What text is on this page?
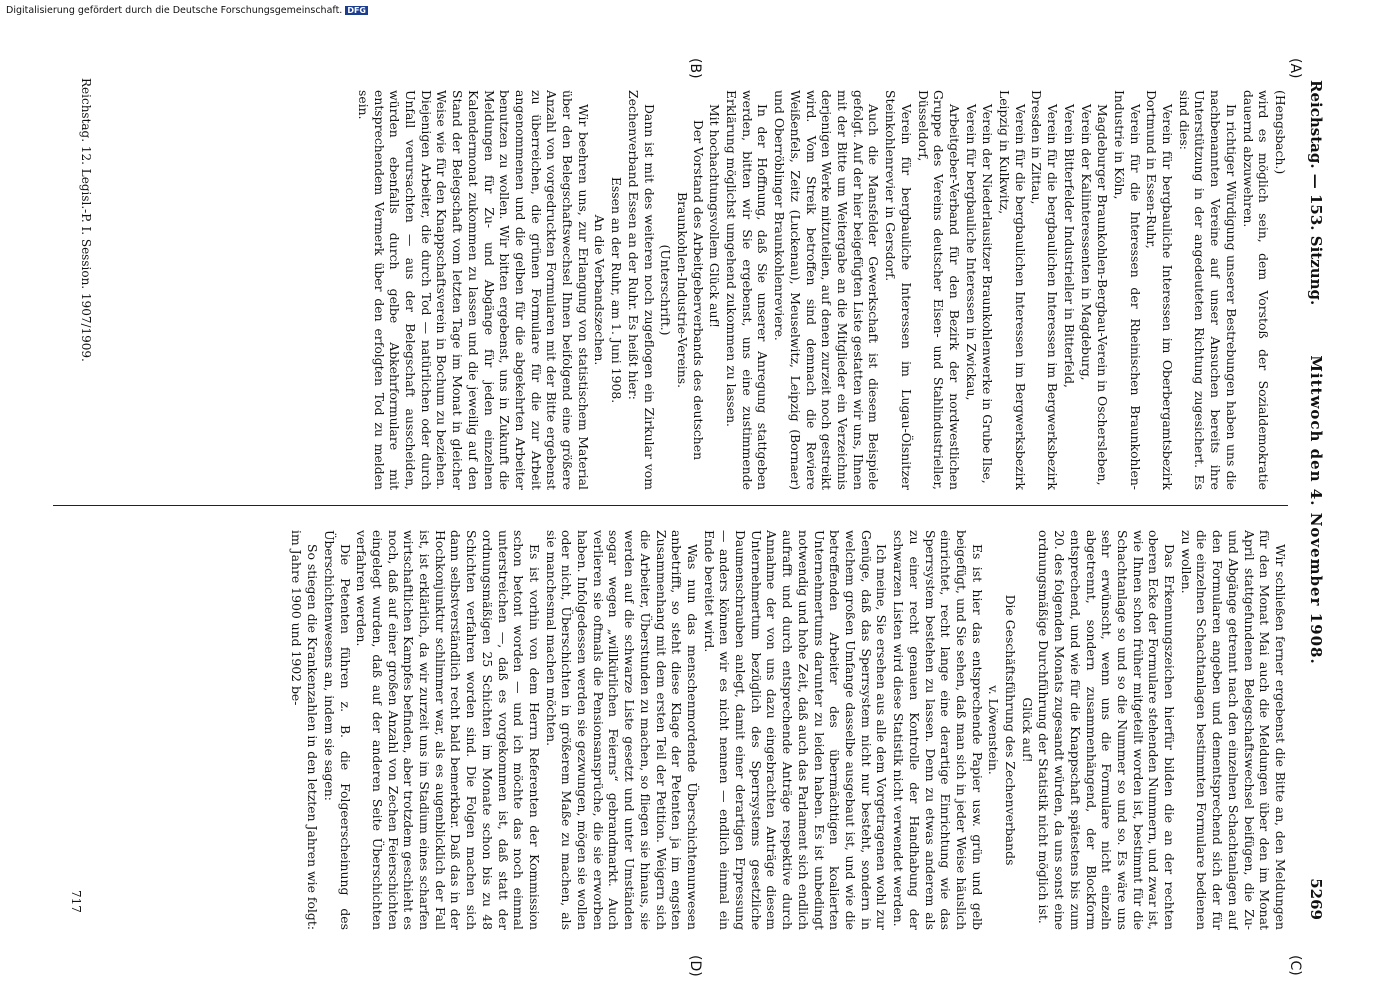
Reichstag. — 153. Sitzung.
Mittwoch den 4. November 1908.
5269
(A)
(B)
(C)
(D)

(Hengsbach.)

wird es möglich sein, dem Vorstoß der Sozialdemokratie dauernd abzuwehren.

In richtiger Würdigung unserer Bestrebungen haben uns die nachbenannten Vereine auf unser Ansuchen bereits ihre Unterstützung in der angedeuteten Richtung zugesichert. Es sind dies:

Verein für bergbauliche Interessen im Oberbergamtsbezirk Dortmund in Essen-Ruhr,

Verein für die Interessen der Rheinischen Braunkohlen-Industrie in Köln,

Magdeburger Braunkohlen-Bergbau-Verein in Oschersleben,

Verein der Kaliinteressenten in Magdeburg,

Verein Bitterfelder Industrieller in Bitterfeld,

Verein für die bergbaulichen Interessen im Bergwerksbezirk Dresden in Zittau,

Verein für die bergbaulichen Interessen im Bergwerksbezirk Leipzig in Kulkwitz,

Verein der Niederlausitzer Braunkohlenwerke in Grube Ilse,

Verein für bergbauliche Interessen in Zwickau,

Arbeitgeber-Verband für den Bezirk der nordwestlichen Gruppe des Vereins deutscher Eisen- und Stahlindustrieller, Düsseldorf,

Verein für bergbauliche Interessen im Lugau-Ölsnitzer Steinkohlenrevier in Gersdorf.

Auch die Mansfelder Gewerkschaft ist diesem Beispiele gefolgt. Auf der hier beigefügten Liste gestatten wir uns, Ihnen mit der Bitte um Weitergabe an die Mitglieder ein Verzeichnis derjenigen Werke mitzuteilen, auf denen zurzeit noch gestreikt wird. Vom Streik betroffen sind demnach die Reviere Weißenfels, Zeitz (Luckenau), Meuselwitz, Leipzig (Bornaer) und Oberröblinger Braunkohlenreviere.

In der Hoffnung, daß Sie unserer Anregung stattgeben werden, bitten wir Sie ergebenst, uns eine zustimmende Erklärung möglichst umgehend zukommen zu lassen.

Mit hochachtungsvollem Glück auf!

Der Vorstand des Arbeitgeberverbands des deutschen Braunkohlen-Industrie-Vereins.

(Unterschrift.)

Dann ist mit des weiteren noch zugeflogen ein Zirkular vom Zechenverband Essen an der Ruhr. Es heißt hier:

Essen an der Ruhr, am 1. Juni 1908.

An die Verbandszechen.

Wir beehren uns, zur Erlangung von statistischem Material über den Belegschaftswechsel Ihnen beifolgend eine größere Anzahl von vorgedruckten Formularen mit der Bitte ergebenst zu überreichen, die grünen Formulare für die zur Arbeit angenommenen und die gelben für die abgekehrten Arbeiter benutzen zu wollen. Wir bitten ergebenst, uns in Zukunft die Meldungen für Zu- und Abgänge für jeden einzelnen Kalendermonat zukommen zu lassen und die jeweilig auf den Stand der Belegschaft vom letzten Tage im Monat in gleicher Weise wie für den Knappschaftsverein in Bochum zu beziehen. Diejenigen Arbeiter, die durch Tod — natürlichen oder durch Unfall verursachten — aus der Belegschaft ausscheiden, würden ebenfalls durch gelbe Abkehrformulare mit entsprechendem Vermerk über den erfolgten Tod zu melden sein.

Wir schließen ferner ergebenst die Bitte an, den Meldungen für den Monat Mai auch die Meldungen über den im Monat April stattgefundenen Belegschaftswechsel beifügen, die Zu- und Abgänge getrennt nach den einzelnen Schachtanlagen auf den Formularen angeben und dementsprechend sich der für die einzelnen Schachtanlagen bestimmten Formulare bedienen zu wollen.

Das Erkennungszeichen hierfür bilden die an der rechten oberen Ecke der Formulare stehenden Nummern, und zwar ist, wie Ihnen schon früher mitgeteilt worden ist, bestimmt für die Schachtanlage so und so die Nummer so und so. Es wäre uns sehr erwünscht, wenn uns die Formulare nicht einzeln abgetrennt, sondern zusammenhängend, der Blockform entsprechend, und wie für die Knappschaft spätestens bis zum 20. des folgenden Monats zugesandt würden, da uns sonst eine ordnungsmäßige Durchführung der Statistik nicht möglich ist.

Glück auf!

Die Geschäftsführung des Zechenverbands

v. Löwenstein.

Es ist hier das entsprechende Papier usw. grün und gelb beigefügt, und Sie sehen, daß man sich in jeder Weise häuslich einrichtet, recht lange eine derartige Einrichtung wie das Sperrsystem bestehen zu lassen. Denn zu etwas anderem als zu einer recht genauen Kontrolle der Handhabung der schwarzen Listen wird diese Statistik nicht verwendet werden.

Ich meine, Sie ersehen aus alle dem Vorgetragenen wohl zur Genüge, daß das Sperrsystem nicht nur besteht, sondern in welchem großen Umfange dasselbe ausgebaut ist, und wie die betreffenden Arbeiter des übermächtigen koalierten Unternehmertums darunter zu leiden haben. Es ist unbedingt notwendig und hohe Zeit, daß auch das Parlament sich endlich aufrafft und durch entsprechende Anträge respektive durch Annahme der von uns dazu eingebrachten Anträge diesem Unternehmertum bezüglich des Sperrsystems gesetzliche Daumenschrauben anlegt, damit einer derartigen Erpressung — anders können wir es nicht nennen — endlich einmal ein Ende bereitet wird.

Was nun das menschenmordende Überschichtenunwesen anbetrifft, so steht diese Klage der Petenten ja im engsten Zusammenhang mit dem ersten Teil der Petition. Weigern sich die Arbeiter, Überstunden zu machen, so fliegen sie hinaus, sie werden auf die schwarze Liste gesetzt und unter Umständen sogar wegen „willkürlichen Feierns“ gebrandmarkt. Auch verlieren sie oftmals die Pensionsansprüche, die sie erworben haben. Infolgedessen werden sie gezwungen, mögen sie wollen oder nicht, Überschichten in größerem Maße zu machen, als sie manchesmal machen möchten.

Es ist vorhin von dem Herrn Referenten der Kommission schon betont worden — und ich möchte das noch einmal unterstreichen —, daß es vorgekommen ist, daß statt der ordnungsmäßigen 25 Schichten im Monate schon bis zu 48 Schichten verfahren worden sind. Die Folgen machen sich dann selbstverständlich recht bald bemerkbar. Daß das in der Hochkonjunktur schlimmer war, als es augenblicklich der Fall ist, ist erklärlich, da wir zurzeit uns im Stadium eines scharfen wirtschaftlichen Kampfes befinden, aber trotzdem geschieht es noch, daß auf einer großen Anzahl von Zechen Feierschichten eingelegt wurden, daß auf der anderen Seite Überschichten verfahren werden.

Die Petenten führen z. B. die Folgeerscheinung des Überschichtenwesens an, indem sie sagen:

So stiegen die Krankenzahlen in den letzten Jahren wie folgt: im Jahre 1900 und 1902 be-

Reichstag. 12. Legisl.-P. I. Session. 1907/1909.
717
Digitalisierung gefördert durch die Deutsche Forschungsgemeinschaft. DFG
